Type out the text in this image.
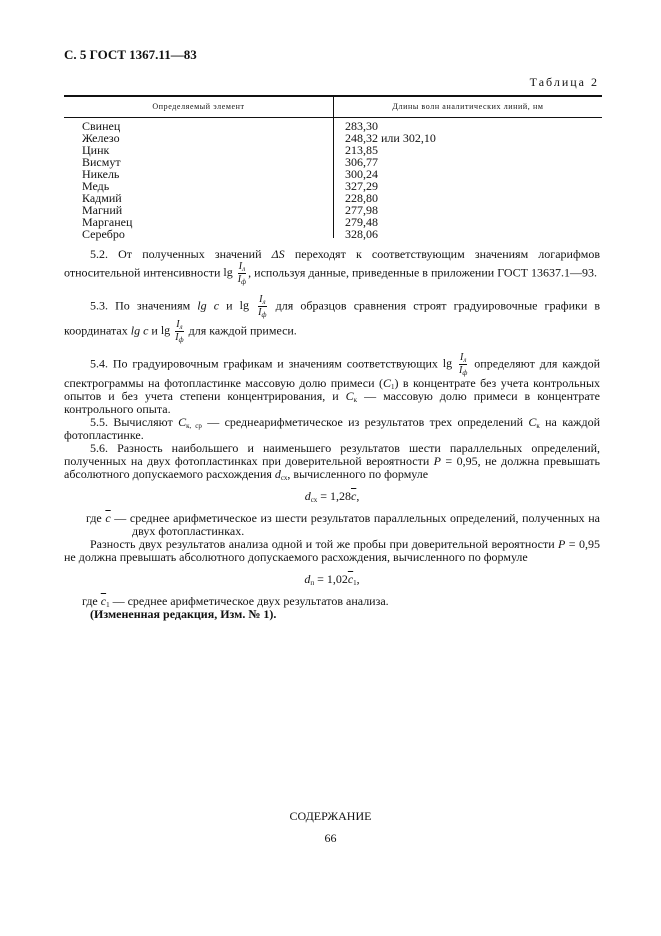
С. 5 ГОСТ 1367.11—83
Таблица 2
Определяемый элемент	Длины волн аналитических линий, нм
Свинец
Железо
Цинк
Висмут
Никель
Медь
Кадмий
Магний
Марганец
Серебро
283,30
248,32 или 302,10
213,85
306,77
300,24
327,29
228,80
277,98
279,48
328,06
5.2. От полученных значений ΔS переходят к соответствующим значениям логарифмов относительной интенсивности $\lg \frac{I_л}{I_ф}$ , используя данные, приведенные в приложении ГОСТ 13637.1—93.
5.3. По значениям lg c и $\lg \frac{I_л}{I_ф}$ для образцов сравнения строят градуировочные графики в координатах lg c и $\lg \frac{I_л}{I_ф}$ для каждой примеси.
5.4. По градуировочным графикам и значениям соответствующих $\lg \frac{I_л}{I_ф}$ определяют для каждой спектрограммы на фотопластинке массовую долю примеси $(C_1)$ в концентрате без учета контрольных опытов и без учета степени концентрирования, и $C_к$ — массовую долю примеси в концентрате контрольного опыта.
5.5. Вычисляют $C_{к, ср}$ — среднеарифметическое из результатов трех определений $C_к$ на каждой фотопластинке.
5.6. Разность наибольшего и наименьшего результатов шести параллельных определений, полученных на двух фотопластинках при доверительной вероятности P = 0,95, не должна превышать абсолютного допускаемого расхождения $d_{сх}$, вычисленного по формуле
$d_{сх} = 1,28\overline{c}$,
где $\overline{c}$ — среднее арифметическое из шести результатов параллельных определений, полученных на двух фотопластинках.
Разность двух результатов анализа одной и той же пробы при доверительной вероятности P = 0,95 не должна превышать абсолютного допускаемого расхождения, вычисленного по формуле
$d_п = 1,02\overline{c}_1$,
где $\overline{c}_1$ — среднее арифметическое двух результатов анализа.
(Измененная редакция, Изм. № 1).
СОДЕРЖАНИЕ
66
